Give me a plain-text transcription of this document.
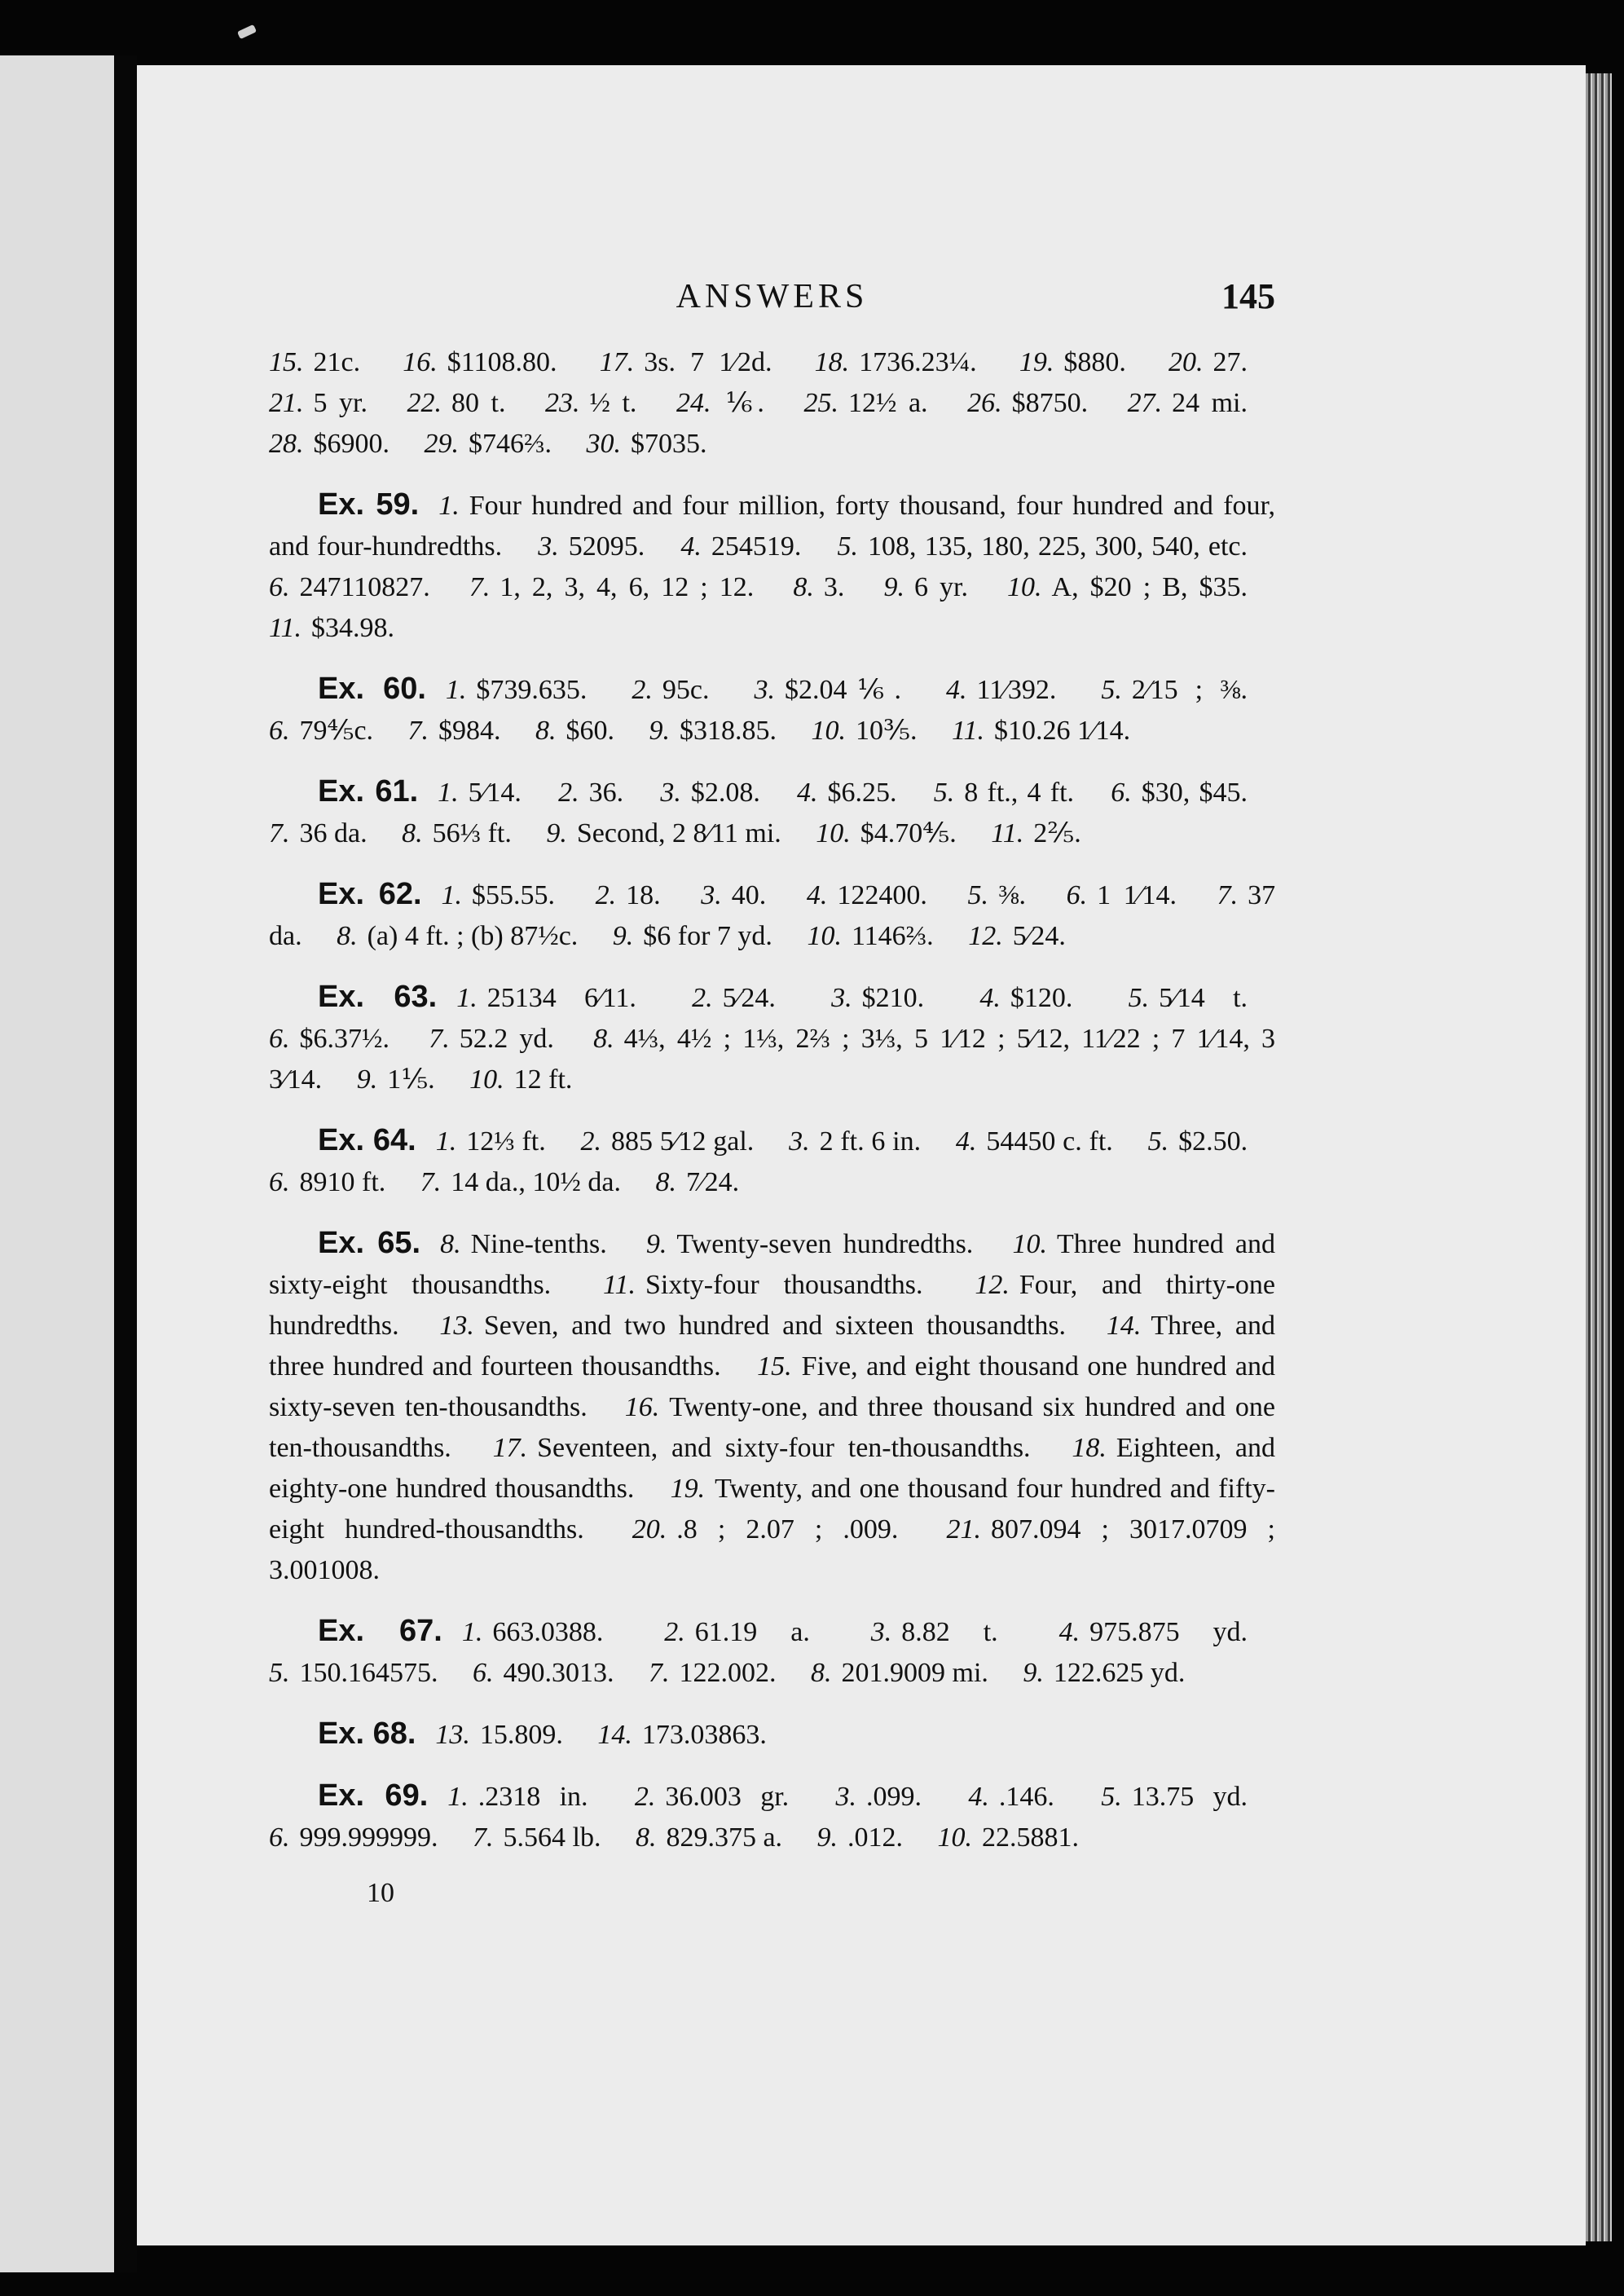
ANSWERS	145

15. 21c. 16. $1108.80. 17. 3s. 7 1⁄2d. 18. 1736.23¼. 19. $880. 20. 27. 21. 5 yr. 22. 80 t. 23. ½ t. 24. ⅙. 25. 12½ a. 26. $8750. 27. 24 mi. 28. $6900. 29. $746⅔. 30. $7035.

Ex. 59. 1. Four hundred and four million, forty thousand, four hundred and four, and four-hundredths. 3. 52095. 4. 254519. 5. 108, 135, 180, 225, 300, 540, etc. 6. 247110827. 7. 1, 2, 3, 4, 6, 12 ; 12. 8. 3. 9. 6 yr. 10. A, $20 ; B, $35. 11. $34.98.

Ex. 60. 1. $739.635. 2. 95c. 3. $2.04⅙. 4. 11⁄392. 5. 2⁄15 ; ⅜. 6. 79⅘c. 7. $984. 8. $60. 9. $318.85. 10. 10⅗. 11. $10.26 1⁄14.

Ex. 61. 1. 5⁄14. 2. 36. 3. $2.08. 4. $6.25. 5. 8 ft., 4 ft. 6. $30, $45. 7. 36 da. 8. 56⅓ ft. 9. Second, 2 8⁄11 mi. 10. $4.70⅘. 11. 2⅖.

Ex. 62. 1. $55.55. 2. 18. 3. 40. 4. 122400. 5. ⅜. 6. 1 1⁄14. 7. 37 da. 8. (a) 4 ft. ; (b) 87½c. 9. $6 for 7 yd. 10. 1146⅔. 12. 5⁄24.

Ex. 63. 1. 25134 6⁄11. 2. 5⁄24. 3. $210. 4. $120. 5. 5⁄14 t. 6. $6.37½. 7. 52.2 yd. 8. 4⅓, 4½ ; 1⅓, 2⅔ ; 3⅓, 5 1⁄12 ; 5⁄12, 11⁄22 ; 7 1⁄14, 3 3⁄14. 9. 1⅕. 10. 12 ft.

Ex. 64. 1. 12⅓ ft. 2. 885 5⁄12 gal. 3. 2 ft. 6 in. 4. 54450 c. ft. 5. $2.50. 6. 8910 ft. 7. 14 da., 10½ da. 8. 7⁄24.

Ex. 65. 8. Nine-tenths. 9. Twenty-seven hundredths. 10. Three hundred and sixty-eight thousandths. 11. Sixty-four thousandths. 12. Four, and thirty-one hundredths. 13. Seven, and two hundred and sixteen thousandths. 14. Three, and three hundred and fourteen thousandths. 15. Five, and eight thousand one hundred and sixty-seven ten-thousandths. 16. Twenty-one, and three thousand six hundred and one ten-thousandths. 17. Seventeen, and sixty-four ten-thousandths. 18. Eighteen, and eighty-one hundred thousandths. 19. Twenty, and one thousand four hundred and fifty-eight hundred-thousandths. 20. .8 ; 2.07 ; .009. 21. 807.094 ; 3017.0709 ; 3.001008.

Ex. 67. 1. 663.0388. 2. 61.19 a. 3. 8.82 t. 4. 975.875 yd. 5. 150.164575. 6. 490.3013. 7. 122.002. 8. 201.9009 mi. 9. 122.625 yd.

Ex. 68. 13. 15.809. 14. 173.03863.

Ex. 69. 1. .2318 in. 2. 36.003 gr. 3. .099. 4. .146. 5. 13.75 yd. 6. 999.999999. 7. 5.564 lb. 8. 829.375 a. 9. .012. 10. 22.5881.

10
